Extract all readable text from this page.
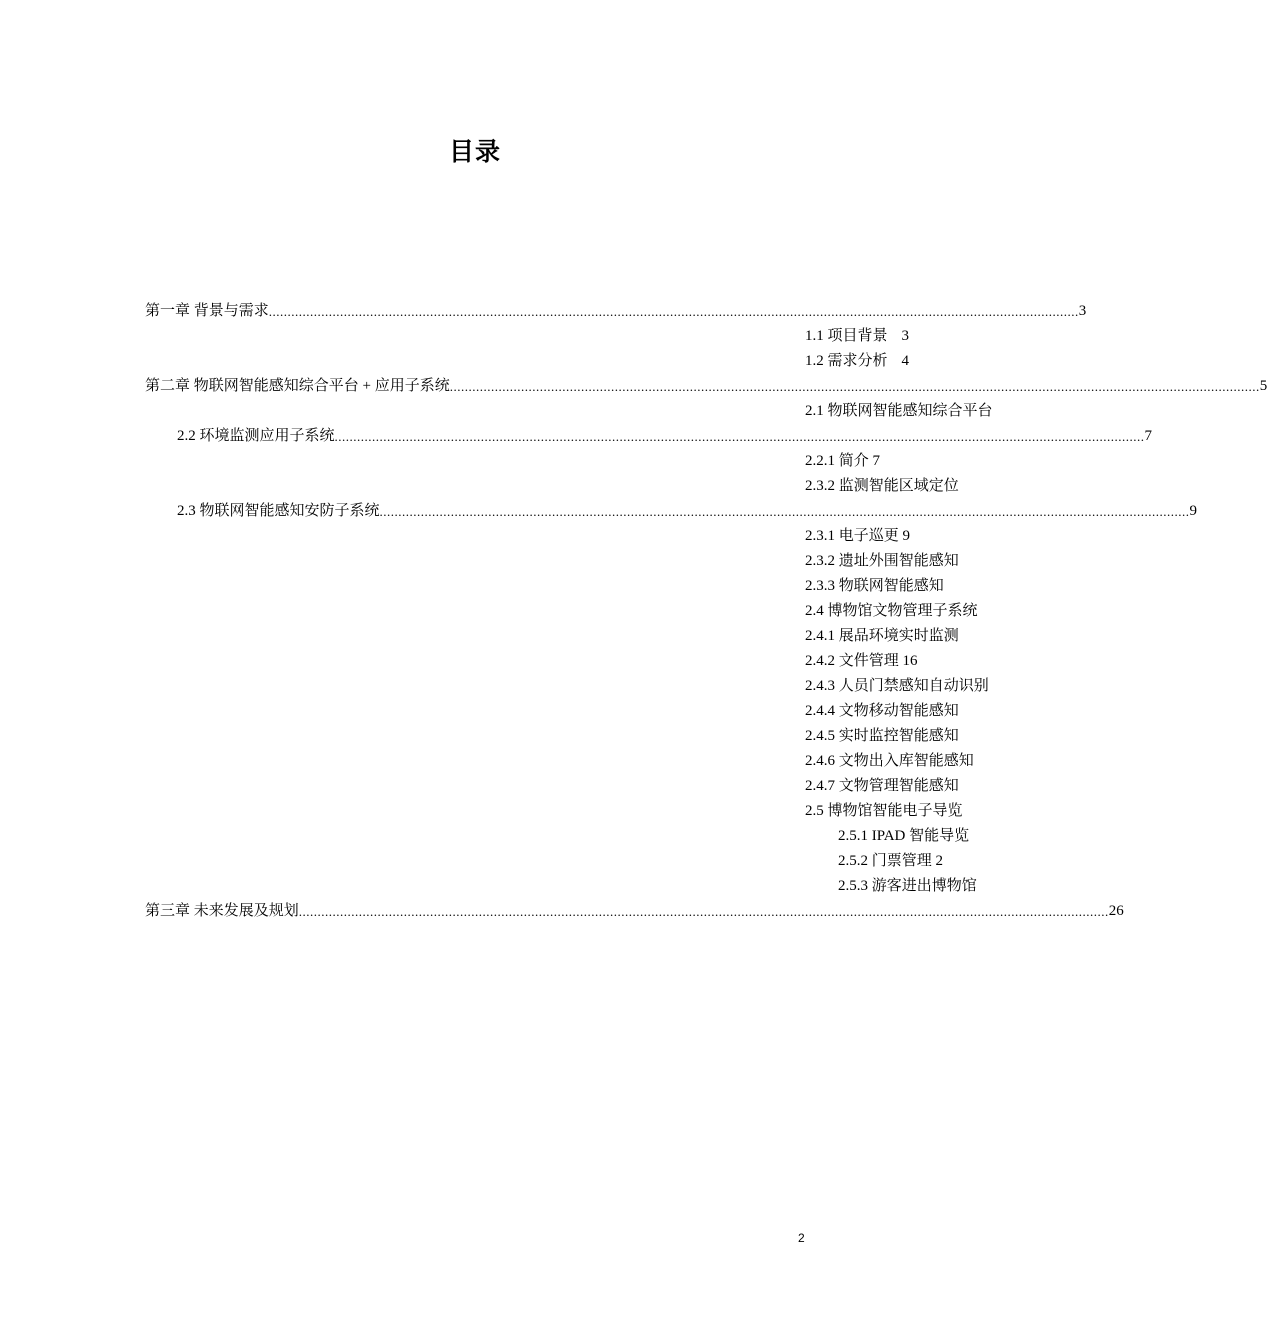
目录
第一章 背景与需求 ........................................................................................................................................................................................................................ 3
1.1 项目背景 3
1.2 需求分析 4
第二章 物联网智能感知综合平台 + 应用子系统 ........................................................................................................................................................................................................................ 5
2.1 物联网智能感知综合平台
2.2 环境监测应用子系统 ........................................................................................................................................................................................................................ 7
2.2.1 简介 7
2.3.2 监测智能区域定位
2.3 物联网智能感知安防子系统 ........................................................................................................................................................................................................................ 9
2.3.1 电子巡更 9
2.3.2 遗址外围智能感知
2.3.3 物联网智能感知
2.4 博物馆文物管理子系统
2.4.1 展品环境实时监测
2.4.2 文件管理 16
2.4.3 人员门禁感知自动识别
2.4.4 文物移动智能感知
2.4.5 实时监控智能感知
2.4.6 文物出入库智能感知
2.4.7 文物管理智能感知
2.5 博物馆智能电子导览
2.5.1 IPAD 智能导览
2.5.2 门票管理 2
2.5.3 游客进出博物馆
第三章 未来发展及规划 ........................................................................................................................................................................................................................ 26
2
